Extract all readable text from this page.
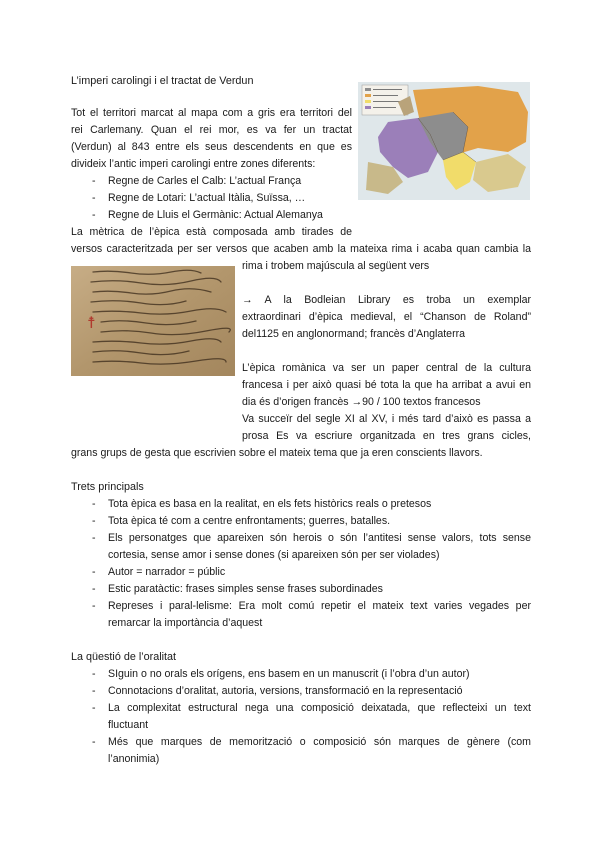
L’imperi carolingi i el tractat de Verdun
Tot el territori marcat al mapa com a gris era territori del
rei Carlemany. Quan el rei mor, es va fer un tractat
(Verdun) al 843 entre els seus descendents en que es
divideix l’antic imperi carolingi entre zones diferents:
- Regne de Carles el Calb: L’actual França
- Regne de Lotari: L’actual Itàlia, Suïssa, …
- Regne de Lluis el Germànic: Actual Alemanya
La mètrica de l’èpica està composada amb tirades de
versos caracteritzada per ser versos que acaben amb la mateixa rima i acaba quan cambia la
rima i trobem majúscula al següent vers
☨
→ A la Bodleian Library es troba un exemplar
extraordinari d’èpica medieval, el “Chanson de Roland”
del1125 en anglonormand; francès d’Anglaterra
L’èpica romànica va ser un paper central de la cultura
francesa i per això quasi bé tota la que ha arribat a avui en
dia és d’origen francès →90 / 100 textos francesos
Va succeïr del segle XI al XV, i més tard d’això es passa a
prosa Es va escriure organitzada en tres grans cicles,
grans grups de gesta que escrivien sobre el mateix tema que ja eren conscients llavors.
Trets principals
- Tota èpica es basa en la realitat, en els fets històrics reals o pretesos
- Tota èpica té com a centre enfrontaments; guerres, batalles.
- Els personatges que apareixen són herois o són l’antitesi sense valors, tots sense
cortesia, sense amor i sense dones (si apareixen són per ser violades)
- Autor = narrador = públic
- Estic paratàctic: frases simples sense frases subordinades
- Represes i paral-lelisme: Era molt comú repetir el mateix text varies vegades per
remarcar la importància d’aquest
La qüestió de l’oralitat
- SIguin o no orals els orígens, ens basem en un manuscrit (i l’obra d’un autor)
- Connotacions d’oralitat, autoria, versions, transformació en la representació
- La complexitat estructural nega una composició deixatada, que reflecteixi un text
fluctuant
- Més que marques de memorització o composició són marques de gènere (com
l’anonimia)
